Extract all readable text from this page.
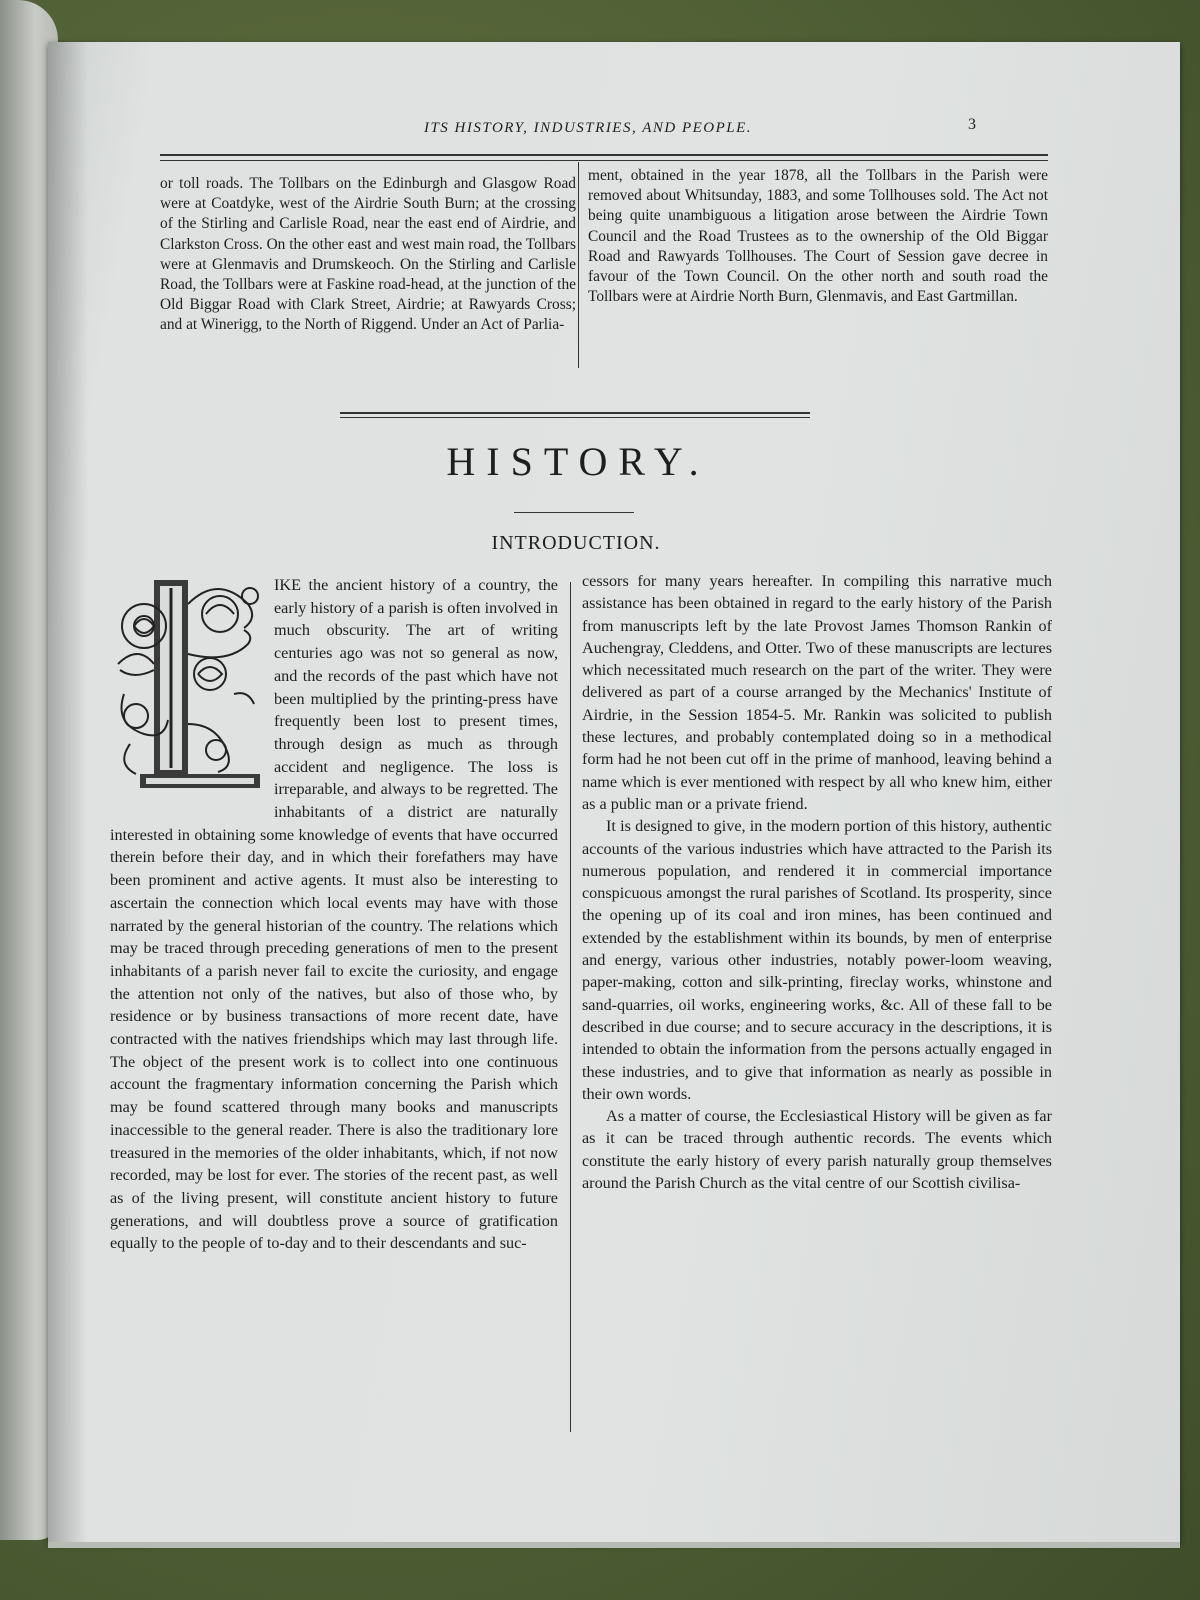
ITS HISTORY, INDUSTRIES, AND PEOPLE.	3

or toll roads. The Tollbars on the Edinburgh and Glasgow Road were at Coatdyke, west of the Airdrie South Burn; at the crossing of the Stirling and Carlisle Road, near the east end of Airdrie, and Clarkston Cross. On the other east and west main road, the Tollbars were at Glenmavis and Drumskeoch. On the Stirling and Carlisle Road, the Tollbars were at Faskine road-head, at the junction of the Old Biggar Road with Clark Street, Airdrie; at Rawyards Cross; and at Winerigg, to the North of Riggend. Under an Act of Parlia-

ment, obtained in the year 1878, all the Tollbars in the Parish were removed about Whitsunday, 1883, and some Tollhouses sold. The Act not being quite unambiguous a litigation arose between the Airdrie Town Council and the Road Trustees as to the ownership of the Old Biggar Road and Rawyards Tollhouses. The Court of Session gave decree in favour of the Town Council. On the other north and south road the Tollbars were at Airdrie North Burn, Glenmavis, and East Gartmillan.

HISTORY.
INTRODUCTION.

IKE the ancient history of a country, the early history of a parish is often involved in much obscurity. The art of writing centuries ago was not so general as now, and the records of the past which have not been multiplied by the printing-press have frequently been lost to present times, through design as much as through accident and negligence. The loss is irreparable, and always to be regretted. The inhabitants of a district are naturally interested in obtaining some knowledge of events that have occurred therein before their day, and in which their forefathers may have been prominent and active agents. It must also be interesting to ascertain the connection which local events may have with those narrated by the general historian of the country. The relations which may be traced through preceding generations of men to the present inhabitants of a parish never fail to excite the curiosity, and engage the attention not only of the natives, but also of those who, by residence or by business transactions of more recent date, have contracted with the natives friendships which may last through life. The object of the present work is to collect into one continuous account the fragmentary information concerning the Parish which may be found scattered through many books and manuscripts inaccessible to the general reader. There is also the traditionary lore treasured in the memories of the older inhabitants, which, if not now recorded, may be lost for ever. The stories of the recent past, as well as of the living present, will constitute ancient history to future generations, and will doubtless prove a source of gratification equally to the people of to-day and to their descendants and suc-

cessors for many years hereafter. In compiling this narrative much assistance has been obtained in regard to the early history of the Parish from manuscripts left by the late Provost James Thomson Rankin of Auchengray, Cleddens, and Otter. Two of these manuscripts are lectures which necessitated much research on the part of the writer. They were delivered as part of a course arranged by the Mechanics' Institute of Airdrie, in the Session 1854-5. Mr. Rankin was solicited to publish these lectures, and probably contemplated doing so in a methodical form had he not been cut off in the prime of manhood, leaving behind a name which is ever mentioned with respect by all who knew him, either as a public man or a private friend.

It is designed to give, in the modern portion of this history, authentic accounts of the various industries which have attracted to the Parish its numerous population, and rendered it in commercial importance conspicuous amongst the rural parishes of Scotland. Its prosperity, since the opening up of its coal and iron mines, has been continued and extended by the establishment within its bounds, by men of enterprise and energy, various other industries, notably power-loom weaving, paper-making, cotton and silk-printing, fireclay works, whinstone and sand-quarries, oil works, engineering works, &c. All of these fall to be described in due course; and to secure accuracy in the descriptions, it is intended to obtain the information from the persons actually engaged in these industries, and to give that information as nearly as possible in their own words.

As a matter of course, the Ecclesiastical History will be given as far as it can be traced through authentic records. The events which constitute the early history of every parish naturally group themselves around the Parish Church as the vital centre of our Scottish civilisa-
